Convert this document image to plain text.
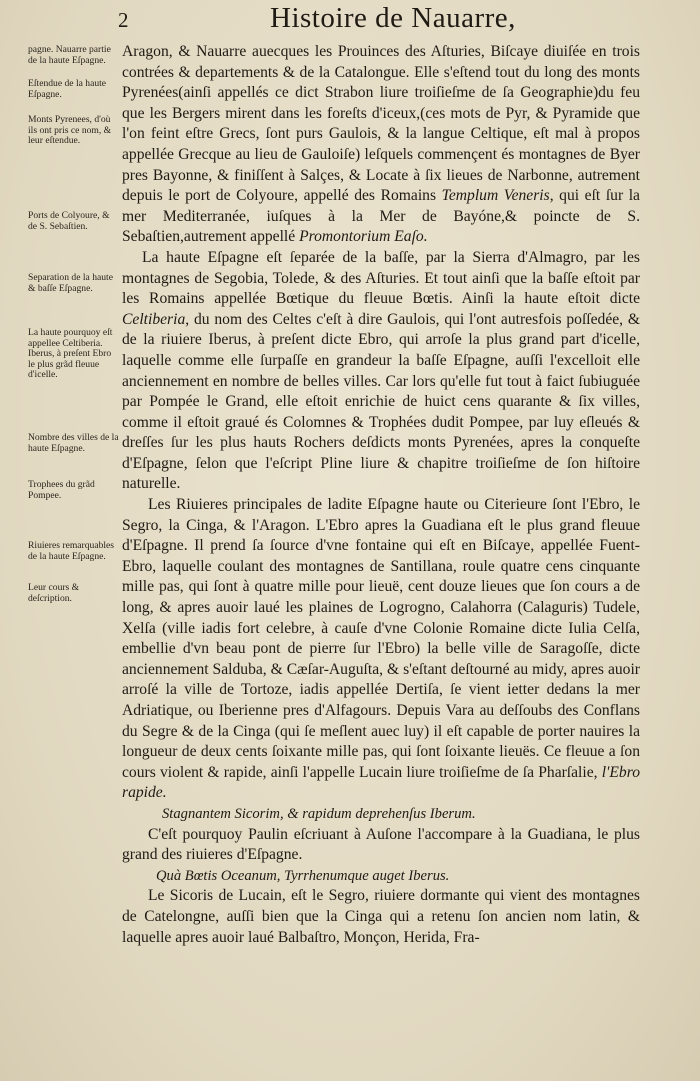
2	Histoire de Nauarre,
pagne. Nauarre partie de la haute Eſpagne.
Eſtendue de la haute Eſpagne.
Monts Pyrenees, d'où ils ont pris ce nom, & leur eſtendue.
Ports de Colyoure, & de S. Sebaſtien.
Separation de la haute & baſſe Eſpagne.
La haute pourquoy eſt appellee Celtiberia. Iberus, à preſent Ebro le plus grãd fleuue d'icelle.
Nombre des villes de la haute Eſpagne.
Trophees du grãd Pompee.
Riuieres remarquables de la haute Eſpagne.
Leur cours & deſcription.

Aragon, & Nauarre auecques les Prouinces des Aſturies, Biſcaye diuiſée en trois contrées & departements & de la Catalongue. Elle s'eſtend tout du long des monts Pyrenées(ainſi appellés ce dict Strabon liure troiſieſme de ſa Geographie)du feu que les Bergers mirent dans les foreſts d'iceux,(ces mots de Pyr, & Pyramide que l'on feint eſtre Grecs, ſont purs Gaulois, & la langue Celtique, eſt mal à propos appellée Grecque au lieu de Gauloiſe) leſquels commençent és montagnes de Byer pres Bayonne, & finiſſent à Salçes, & Locate à ſix lieues de Narbonne, autrement depuis le port de Colyoure, appellé des Romains Templum Veneris, qui eſt ſur la mer Mediterranée, iuſques à la Mer de Bayóne,& poincte de S. Sebaſtien,autrement appellé Promontorium Eaſo.

La haute Eſpagne eſt ſeparée de la baſſe, par la Sierra d'Almagro, par les montagnes de Segobia, Tolede, & des Aſturies. Et tout ainſi que la baſſe eſtoit par les Romains appellée Bœtique du fleuue Bœtis. Ainſi la haute eſtoit dicte Celtiberia, du nom des Celtes c'eſt à dire Gaulois, qui l'ont autresfois poſſedée, & de la riuiere Iberus, à preſent dicte Ebro, qui arroſe la plus grand part d'icelle, laquelle comme elle ſurpaſſe en grandeur la baſſe Eſpagne, auſſi l'excelloit elle anciennement en nombre de belles villes. Car lors qu'elle fut tout à faict ſubiuguée par Pompée le Grand, elle eſtoit enrichie de huict cens quarante & ſix villes, comme il eſtoit graué és Colomnes & Trophées dudit Pompee, par luy eſleués & dreſſes ſur les plus hauts Rochers deſdicts monts Pyrenées, apres la conqueſte d'Eſpagne, ſelon que l'eſcript Pline liure & chapitre troiſieſme de ſon hiſtoire naturelle.

Les Riuieres principales de ladite Eſpagne haute ou Citerieure ſont l'Ebro, le Segro, la Cinga, & l'Aragon. L'Ebro apres la Guadiana eſt le plus grand fleuue d'Eſpagne. Il prend ſa ſource d'vne fontaine qui eſt en Biſcaye, appellée Fuent-Ebro, laquelle coulant des montagnes de Santillana, roule quatre cens cinquante mille pas, qui ſont à quatre mille pour lieuë, cent douze lieues que ſon cours a de long, & apres auoir laué les plaines de Logrogno, Calahorra (Calaguris) Tudele, Xelſa (ville iadis fort celebre, à cauſe d'vne Colonie Romaine dicte Iulia Celſa, embellie d'vn beau pont de pierre ſur l'Ebro) la belle ville de Saragoſſe, dicte anciennement Salduba, & Cæſar-Auguſta, & s'eſtant deſtourné au midy, apres auoir arroſé la ville de Tortoze, iadis appellée Dertiſa, ſe vient ietter dedans la mer Adriatique, ou Iberienne pres d'Alfagours. Depuis Vara au deſſoubs des Conflans du Segre & de la Cinga (qui ſe meſlent auec luy) il eſt capable de porter nauires la longueur de deux cents ſoixante mille pas, qui ſont ſoixante lieuës. Ce fleuue a ſon cours violent & rapide, ainſi l'appelle Lucain liure troiſieſme de ſa Pharſalie, l'Ebro rapide.

Stagnantem Sicorim, & rapidum deprehenſus Iberum.

C'eſt pourquoy Paulin eſcriuant à Auſone l'accompare à la Guadiana, le plus grand des riuieres d'Eſpagne.

Quà Bœtis Oceanum, Tyrrhenumque auget Iberus.

Le Sicoris de Lucain, eſt le Segro, riuiere dormante qui vient des montagnes de Catelongne, auſſi bien que la Cinga qui a retenu ſon ancien nom latin, & laquelle apres auoir laué Balbaſtro, Monçon, Herida, Fra-
